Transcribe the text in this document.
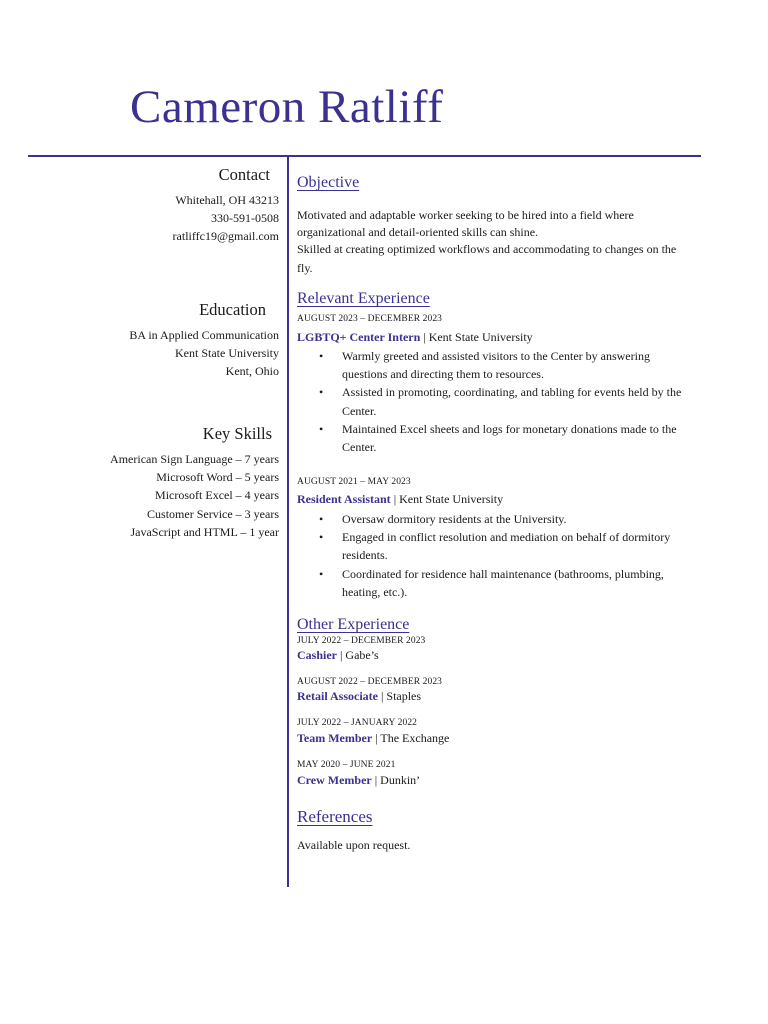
Cameron Ratliff

Contact

Whitehall, OH 43213

330-591-0508

ratliffc19@gmail.com

Education

BA in Applied Communication

Kent State University

Kent, Ohio

Key Skills

American Sign Language – 7 years

Microsoft Word – 5 years

Microsoft Excel – 4 years

Customer Service – 3 years

JavaScript and HTML – 1 year

Objective

Motivated and adaptable worker seeking to be hired into a field where organizational and detail-oriented skills can shine.

Skilled at creating optimized workflows and accommodating to changes on the fly.

Relevant Experience

AUGUST 2023 – DECEMBER 2023

LGBTQ+ Center Intern | Kent State University

• Warmly greeted and assisted visitors to the Center by answering questions and directing them to resources.
• Assisted in promoting, coordinating, and tabling for events held by the Center.
• Maintained Excel sheets and logs for monetary donations made to the Center.

AUGUST 2021 – MAY 2023

Resident Assistant | Kent State University

• Oversaw dormitory residents at the University.
• Engaged in conflict resolution and mediation on behalf of dormitory residents.
• Coordinated for residence hall maintenance (bathrooms, plumbing, heating, etc.).
Other Experience

JULY 2022 – DECEMBER 2023

Cashier | Gabe’s

AUGUST 2022 – DECEMBER 2023

Retail Associate | Staples

JULY 2022 – JANUARY 2022

Team Member | The Exchange

MAY 2020 – JUNE 2021

Crew Member | Dunkin’

References

Available upon request.
